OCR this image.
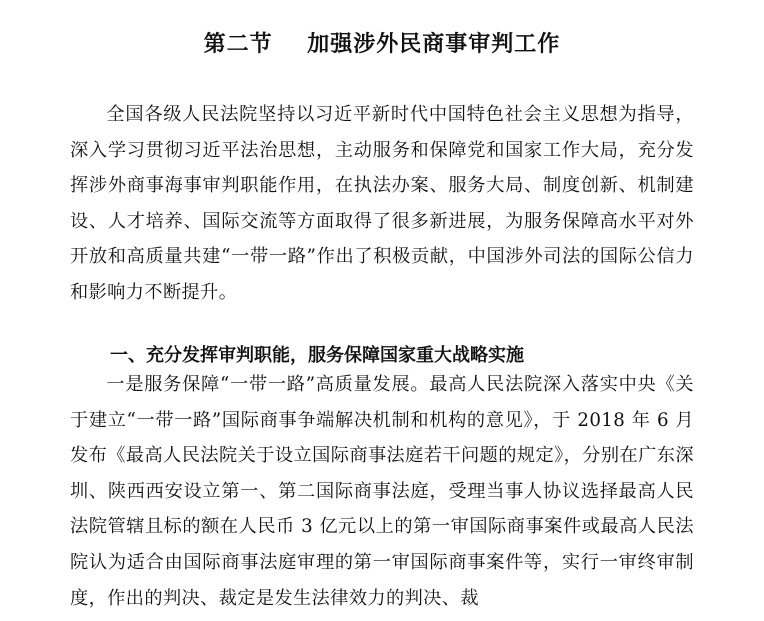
第二节    加强涉外民商事审判工作

全国各级人民法院坚持以习近平新时代中国特色社会主义思想为指导，深入学习贯彻习近平法治思想，主动服务和保障党和国家工作大局，充分发挥涉外商事海事审判职能作用，在执法办案、服务大局、制度创新、机制建设、人才培养、国际交流等方面取得了很多新进展，为服务保障高水平对外开放和高质量共建“一带一路”作出了积极贡献，中国涉外司法的国际公信力和影响力不断提升。

一、充分发挥审判职能，服务保障国家重大战略实施

一是服务保障“一带一路”高质量发展。最高人民法院深入落实中央《关于建立“一带一路”国际商事争端解决机制和机构的意见》，于 2018 年 6 月发布《最高人民法院关于设立国际商事法庭若干问题的规定》，分别在广东深圳、陕西西安设立第一、第二国际商事法庭，受理当事人协议选择最高人民法院管辖且标的额在人民币 3 亿元以上的第一审国际商事案件或最高人民法院认为适合由国际商事法庭审理的第一审国际商事案件等，实行一审终审制度，作出的判决、裁定是发生法律效力的判决、裁
